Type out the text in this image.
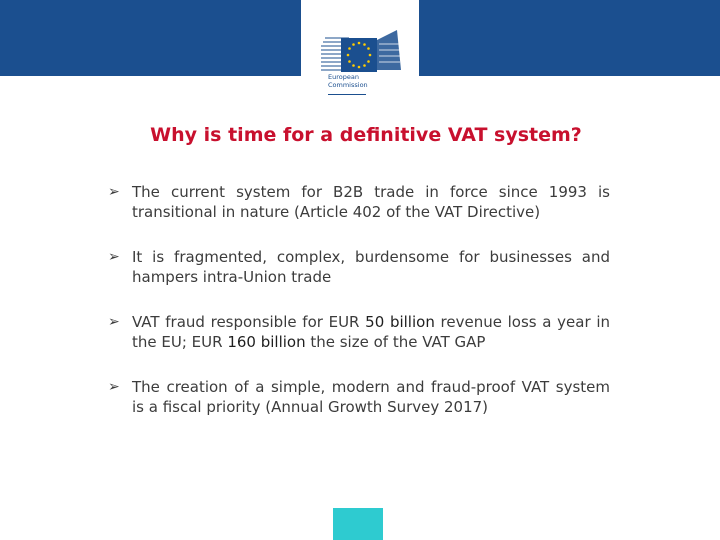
European
Commission
Why is time for a definitive VAT system?
➢ The current system for B2B trade in force since 1993 is transitional in nature (Article 402 of the VAT Directive)
➢ It is fragmented, complex, burdensome for businesses and hampers intra-Union trade
➢ VAT fraud responsible for EUR 50 billion revenue loss a year in the EU; EUR 160 billion the size of the VAT GAP
➢ The creation of a simple, modern and fraud-proof VAT system is a fiscal priority (Annual Growth Survey 2017)
